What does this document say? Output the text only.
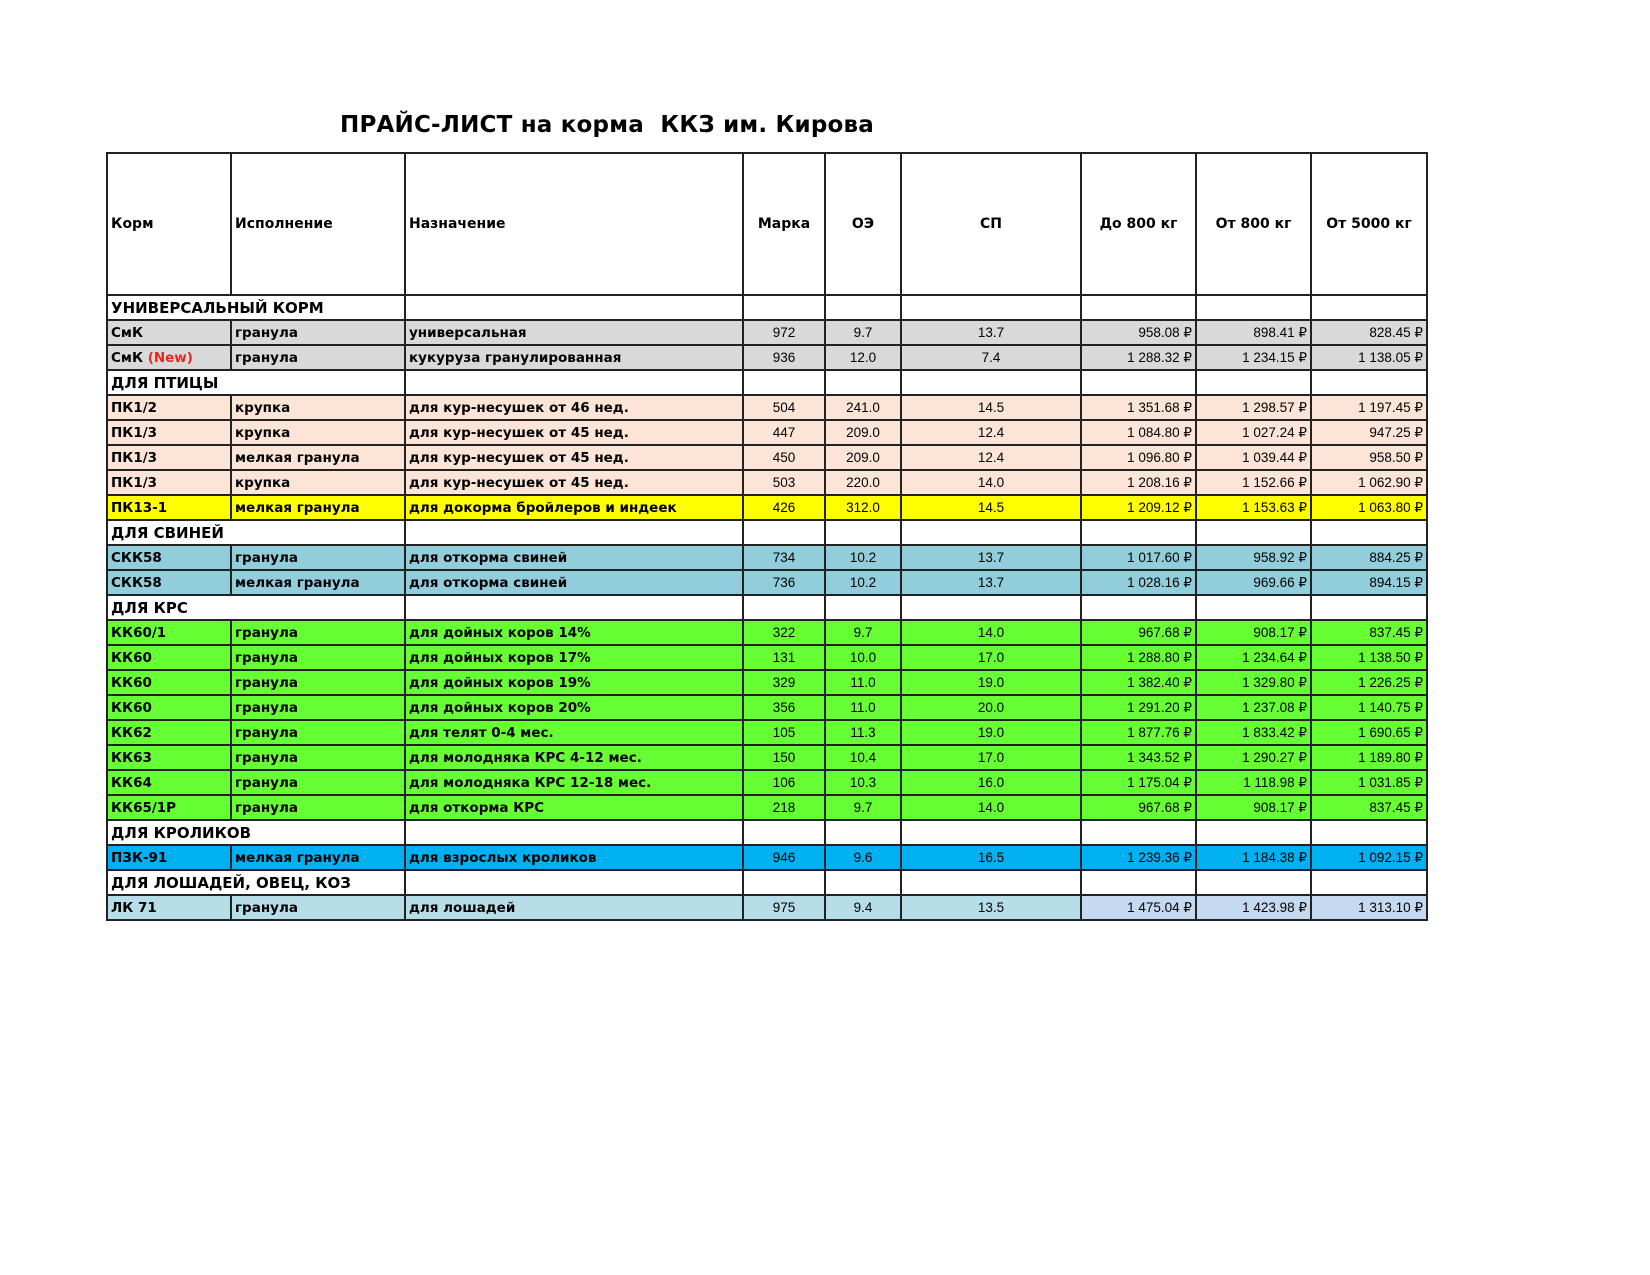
ПРАЙС-ЛИСТ на корма  ККЗ им. Кирова
Корм	Исполнение	Назначение	Марка	ОЭ	СП	До 800 кг	От 800 кг	От 5000 кг
УНИВЕРСАЛЬНЫЙ КОРМ								
СмК	гранула	универсальная	972	9.7	13.7	958.08 ₽	898.41 ₽	828.45 ₽
СмК (New)	гранула	кукуруза гранулированная	936	12.0	7.4	1 288.32 ₽	1 234.15 ₽	1 138.05 ₽
ДЛЯ ПТИЦЫ								
ПК1/2	крупка	для кур-несушек от 46 нед.	504	241.0	14.5	1 351.68 ₽	1 298.57 ₽	1 197.45 ₽
ПК1/3	крупка	для кур-несушек от 45 нед.	447	209.0	12.4	1 084.80 ₽	1 027.24 ₽	947.25 ₽
ПК1/3	мелкая гранула	для кур-несушек от 45 нед.	450	209.0	12.4	1 096.80 ₽	1 039.44 ₽	958.50 ₽
ПК1/3	крупка	для кур-несушек от 45 нед.	503	220.0	14.0	1 208.16 ₽	1 152.66 ₽	1 062.90 ₽
ПК13-1	мелкая гранула	для докорма бройлеров и индеек	426	312.0	14.5	1 209.12 ₽	1 153.63 ₽	1 063.80 ₽
ДЛЯ СВИНЕЙ								
СКК58	гранула	для откорма свиней	734	10.2	13.7	1 017.60 ₽	958.92 ₽	884.25 ₽
СКК58	мелкая гранула	для откорма свиней	736	10.2	13.7	1 028.16 ₽	969.66 ₽	894.15 ₽
ДЛЯ КРС								
КК60/1	гранула	для дойных коров 14%	322	9.7	14.0	967.68 ₽	908.17 ₽	837.45 ₽
КК60	гранула	для дойных коров 17%	131	10.0	17.0	1 288.80 ₽	1 234.64 ₽	1 138.50 ₽
КК60	гранула	для дойных коров 19%	329	11.0	19.0	1 382.40 ₽	1 329.80 ₽	1 226.25 ₽
КК60	гранула	для дойных коров 20%	356	11.0	20.0	1 291.20 ₽	1 237.08 ₽	1 140.75 ₽
КК62	гранула	для телят 0-4 мес.	105	11.3	19.0	1 877.76 ₽	1 833.42 ₽	1 690.65 ₽
КК63	гранула	для молодняка КРС 4-12 мес.	150	10.4	17.0	1 343.52 ₽	1 290.27 ₽	1 189.80 ₽
КК64	гранула	для молодняка КРС 12-18 мес.	106	10.3	16.0	1 175.04 ₽	1 118.98 ₽	1 031.85 ₽
КК65/1Р	гранула	для откорма КРС	218	9.7	14.0	967.68 ₽	908.17 ₽	837.45 ₽
ДЛЯ КРОЛИКОВ								
ПЗК-91	мелкая гранула	для взрослых кроликов	946	9.6	16.5	1 239.36 ₽	1 184.38 ₽	1 092.15 ₽
ДЛЯ ЛОШАДЕЙ, ОВЕЦ, КОЗ								
ЛК 71	гранула	для лошадей	975	9.4	13.5	1 475.04 ₽	1 423.98 ₽	1 313.10 ₽
